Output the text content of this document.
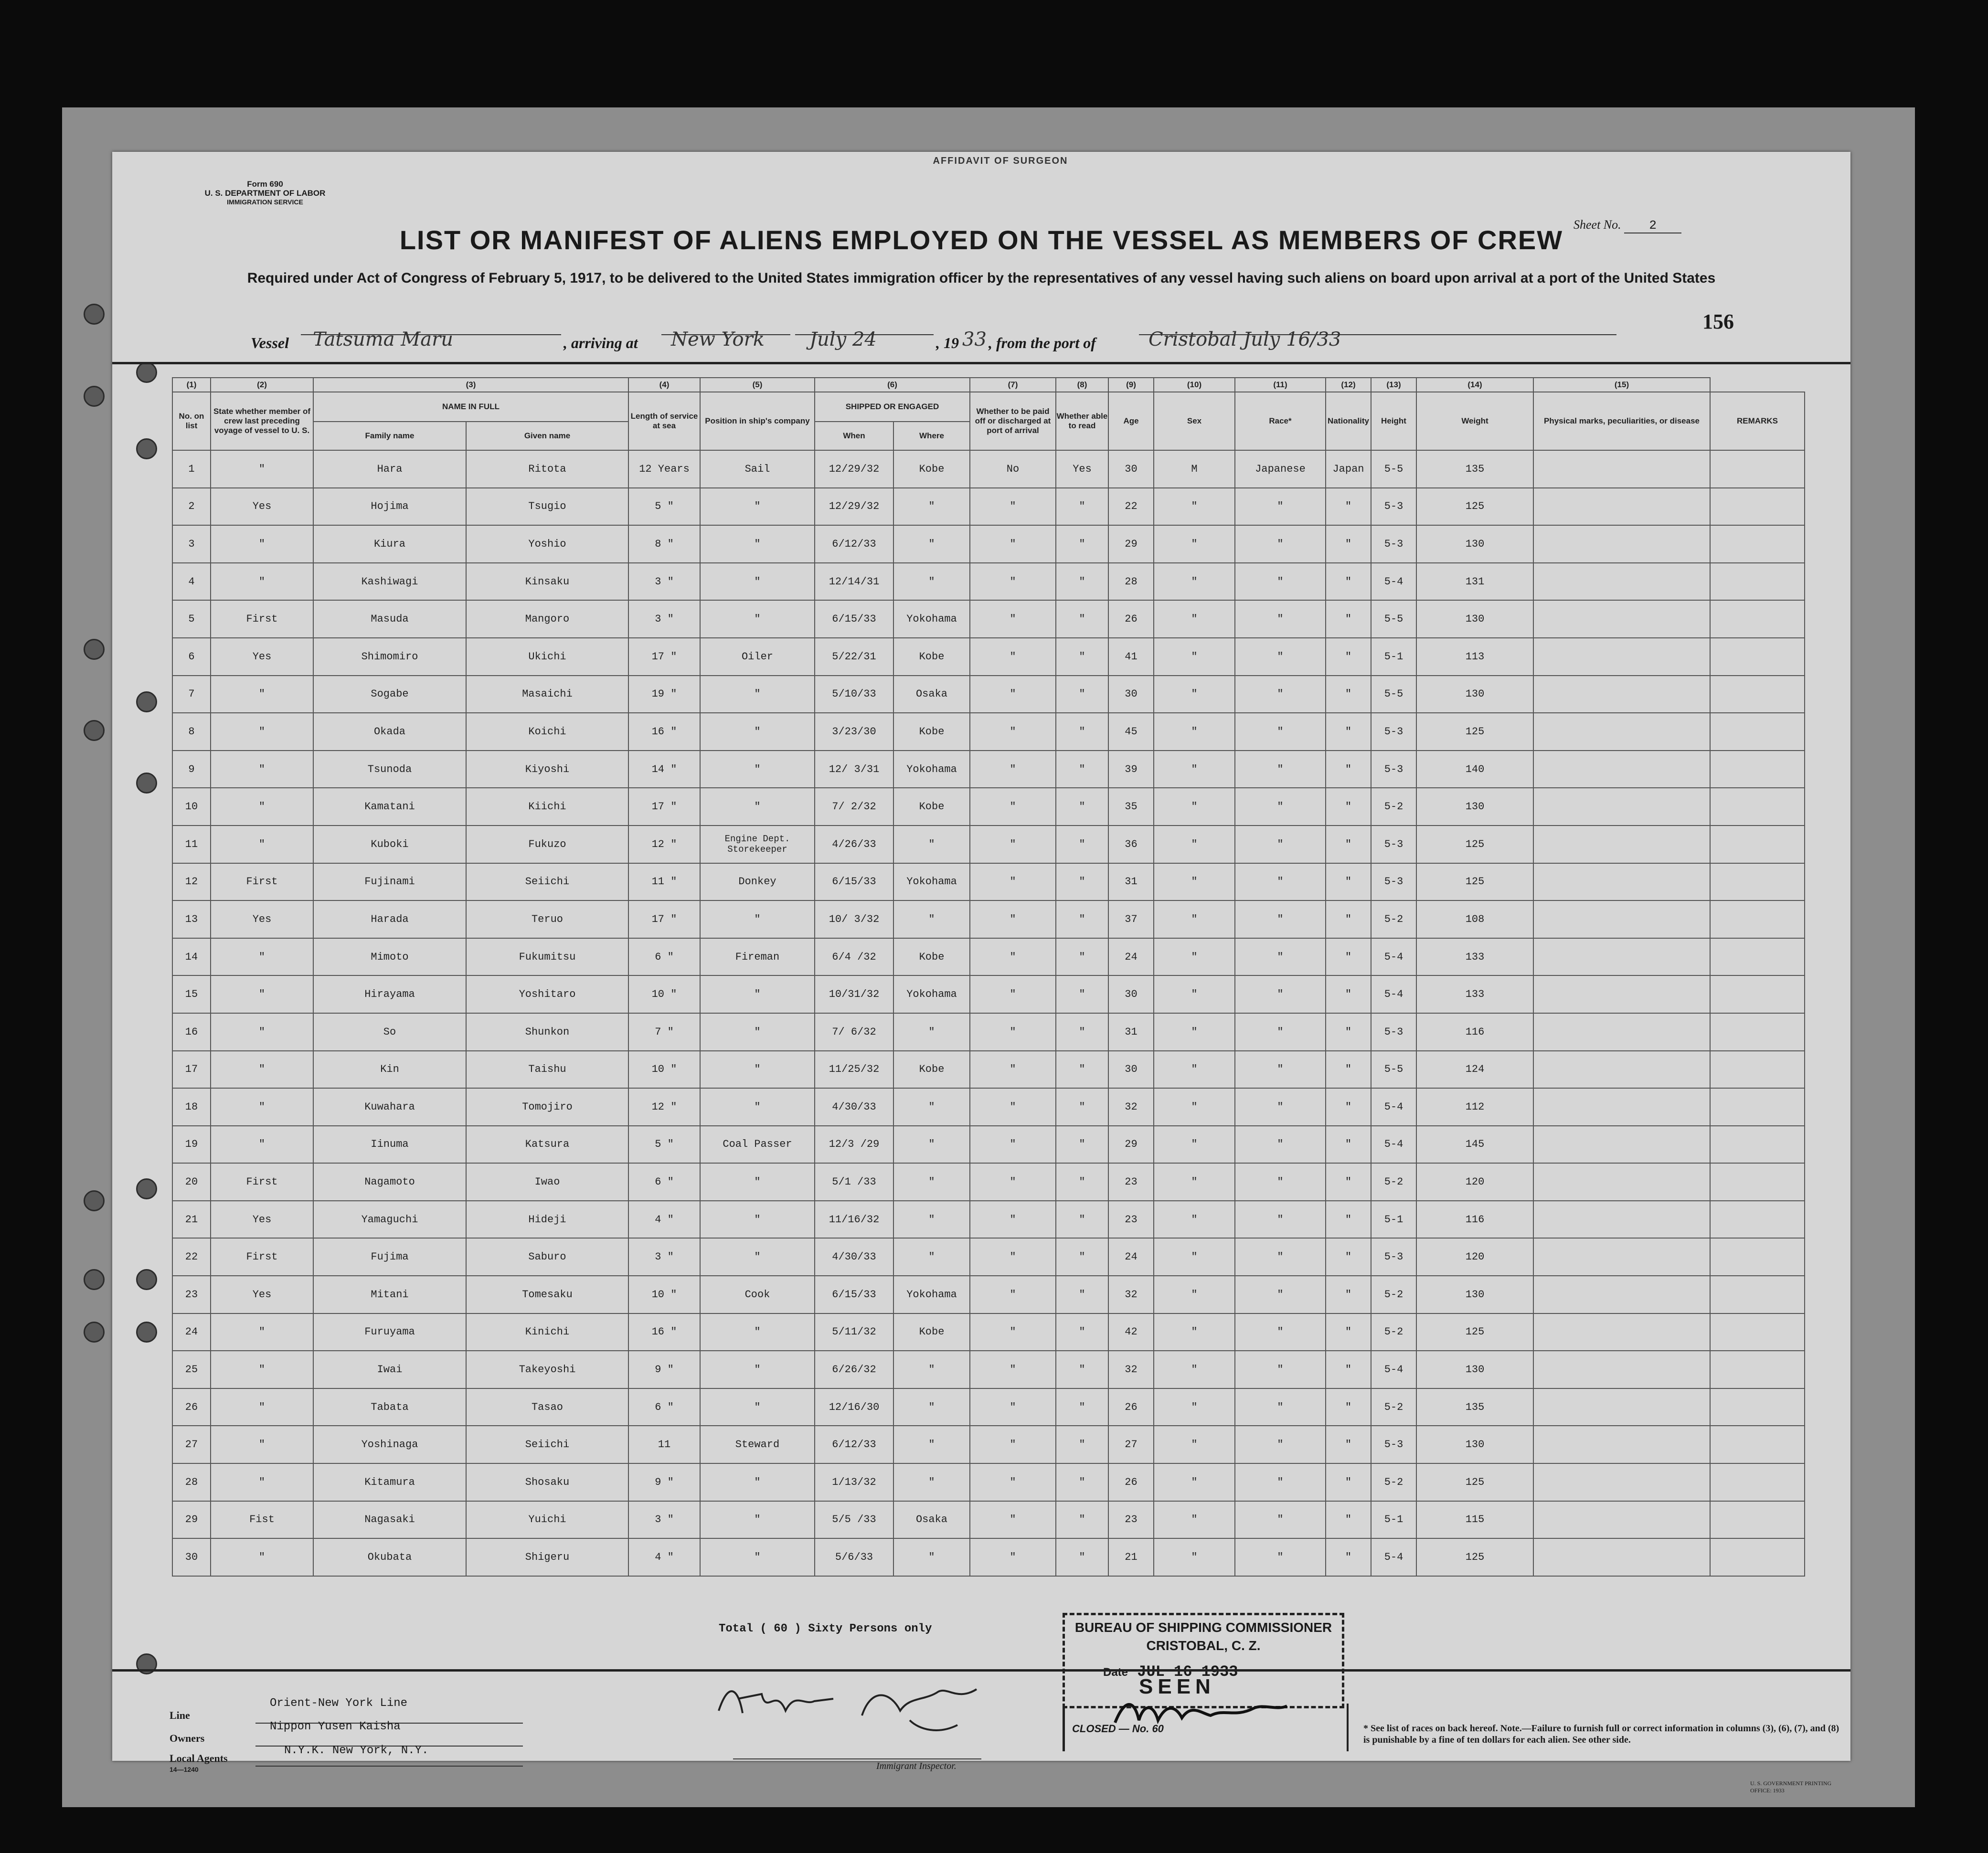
AFFIDAVIT OF SURGEON
Form 690
U. S. DEPARTMENT OF LABOR
IMMIGRATION SERVICE
Sheet No. 2
LIST OR MANIFEST OF ALIENS EMPLOYED ON THE VESSEL AS MEMBERS OF CREW
Required under Act of Congress of February 5, 1917, to be delivered to the United States immigration officer by the representatives of any vessel having such aliens on board upon arrival at a port of the United States
156
Vessel Tatsuma Maru	, arriving at New York July 24	, 19 33 , from the port of	Cristobal July 16/33
(1)	(2)	(3)		(4)	(5)	(6)		(7)	(8)	(9)	(10)	(11)	(12)	(13)	(14)	(15)	
No. on list	State whether member of crew last preceding voyage of vessel to U. S.	NAME IN FULL		Length of service at sea	Position in ship's company	SHIPPED OR ENGAGED		Whether to be paid off or discharged at port of arrival	Whether able to read	Age	Sex	Race*	Nationality	Height	Weight	Physical marks, peculiarities, or disease	REMARKS
		Family name	Given name			When	Where										
1	"	Hara	Ritota	12 Years	Sail	12/29/32	Kobe	No	Yes	30	M	Japanese	Japan	5-5	135		
2	Yes	Hojima	Tsugio	5 "	"	12/29/32	"	"	"	22	"	"	"	5-3	125		
3	"	Kiura	Yoshio	8 "	"	6/12/33	"	"	"	29	"	"	"	5-3	130		
4	"	Kashiwagi	Kinsaku	3 "	"	12/14/31	"	"	"	28	"	"	"	5-4	131		
5	First	Masuda	Mangoro	3 "	"	6/15/33	Yokohama	"	"	26	"	"	"	5-5	130		
6	Yes	Shimomiro	Ukichi	17 "	Oiler	5/22/31	Kobe	"	"	41	"	"	"	5-1	113		
7	"	Sogabe	Masaichi	19 "	"	5/10/33	Osaka	"	"	30	"	"	"	5-5	130		
8	"	Okada	Koichi	16 "	"	3/23/30	Kobe	"	"	45	"	"	"	5-3	125		
9	"	Tsunoda	Kiyoshi	14 "	"	12/ 3/31	Yokohama	"	"	39	"	"	"	5-3	140		
10	"	Kamatani	Kiichi	17 "	"	7/ 2/32	Kobe	"	"	35	"	"	"	5-2	130		
11	"	Kuboki	Fukuzo	12 "	Engine Dept. Storekeeper	4/26/33	"	"	"	36	"	"	"	5-3	125		
12	First	Fujinami	Seiichi	11 "	Donkey	6/15/33	Yokohama	"	"	31	"	"	"	5-3	125		
13	Yes	Harada	Teruo	17 "	"	10/ 3/32	"	"	"	37	"	"	"	5-2	108		
14	"	Mimoto	Fukumitsu	6 "	Fireman	6/4 /32	Kobe	"	"	24	"	"	"	5-4	133		
15	"	Hirayama	Yoshitaro	10 "	"	10/31/32	Yokohama	"	"	30	"	"	"	5-4	133		
16	"	So	Shunkon	7 "	"	7/ 6/32	"	"	"	31	"	"	"	5-3	116		
17	"	Kin	Taishu	10 "	"	11/25/32	Kobe	"	"	30	"	"	"	5-5	124		
18	"	Kuwahara	Tomojiro	12 "	"	4/30/33	"	"	"	32	"	"	"	5-4	112		
19	"	Iinuma	Katsura	5 "	Coal Passer	12/3 /29	"	"	"	29	"	"	"	5-4	145		
20	First	Nagamoto	Iwao	6 "	"	5/1 /33	"	"	"	23	"	"	"	5-2	120		
21	Yes	Yamaguchi	Hideji	4 "	"	11/16/32	"	"	"	23	"	"	"	5-1	116		
22	First	Fujima	Saburo	3 "	"	4/30/33	"	"	"	24	"	"	"	5-3	120		
23	Yes	Mitani	Tomesaku	10 "	Cook	6/15/33	Yokohama	"	"	32	"	"	"	5-2	130		
24	"	Furuyama	Kinichi	16 "	"	5/11/32	Kobe	"	"	42	"	"	"	5-2	125		
25	"	Iwai	Takeyoshi	9 "	"	6/26/32	"	"	"	32	"	"	"	5-4	130		
26	"	Tabata	Tasao	6 "	"	12/16/30	"	"	"	26	"	"	"	5-2	135		
27	"	Yoshinaga	Seiichi	11	Steward	6/12/33	"	"	"	27	"	"	"	5-3	130		
28	"	Kitamura	Shosaku	9 "	"	1/13/32	"	"	"	26	"	"	"	5-2	125		
29	Fist	Nagasaki	Yuichi	3 "	"	5/5 /33	Osaka	"	"	23	"	"	"	5-1	115		
30	"	Okubata	Shigeru	4 "	"	5/6/33	"	"	"	21	"	"	"	5-4	125		
Total ( 60 ) Sixty Persons only	BUREAU OF SHIPPING COMMISSIONER
CRISTOBAL, C. Z.
Date JUL 16 1933
SEEN
CLOSED — No. 60	* See list of races on back hereof. Note.—Failure to furnish full or correct information in columns (3), (6), (7), and (8) is punishable by a fine of ten dollars for each alien. See other side.
Line
Orient-New York Line
Owners
Nippon Yusen Kaisha
Local Agents
N.Y.K. New York, N.Y.
14—1240	Immigrant Inspector.
U. S. GOVERNMENT PRINTING OFFICE: 1933
